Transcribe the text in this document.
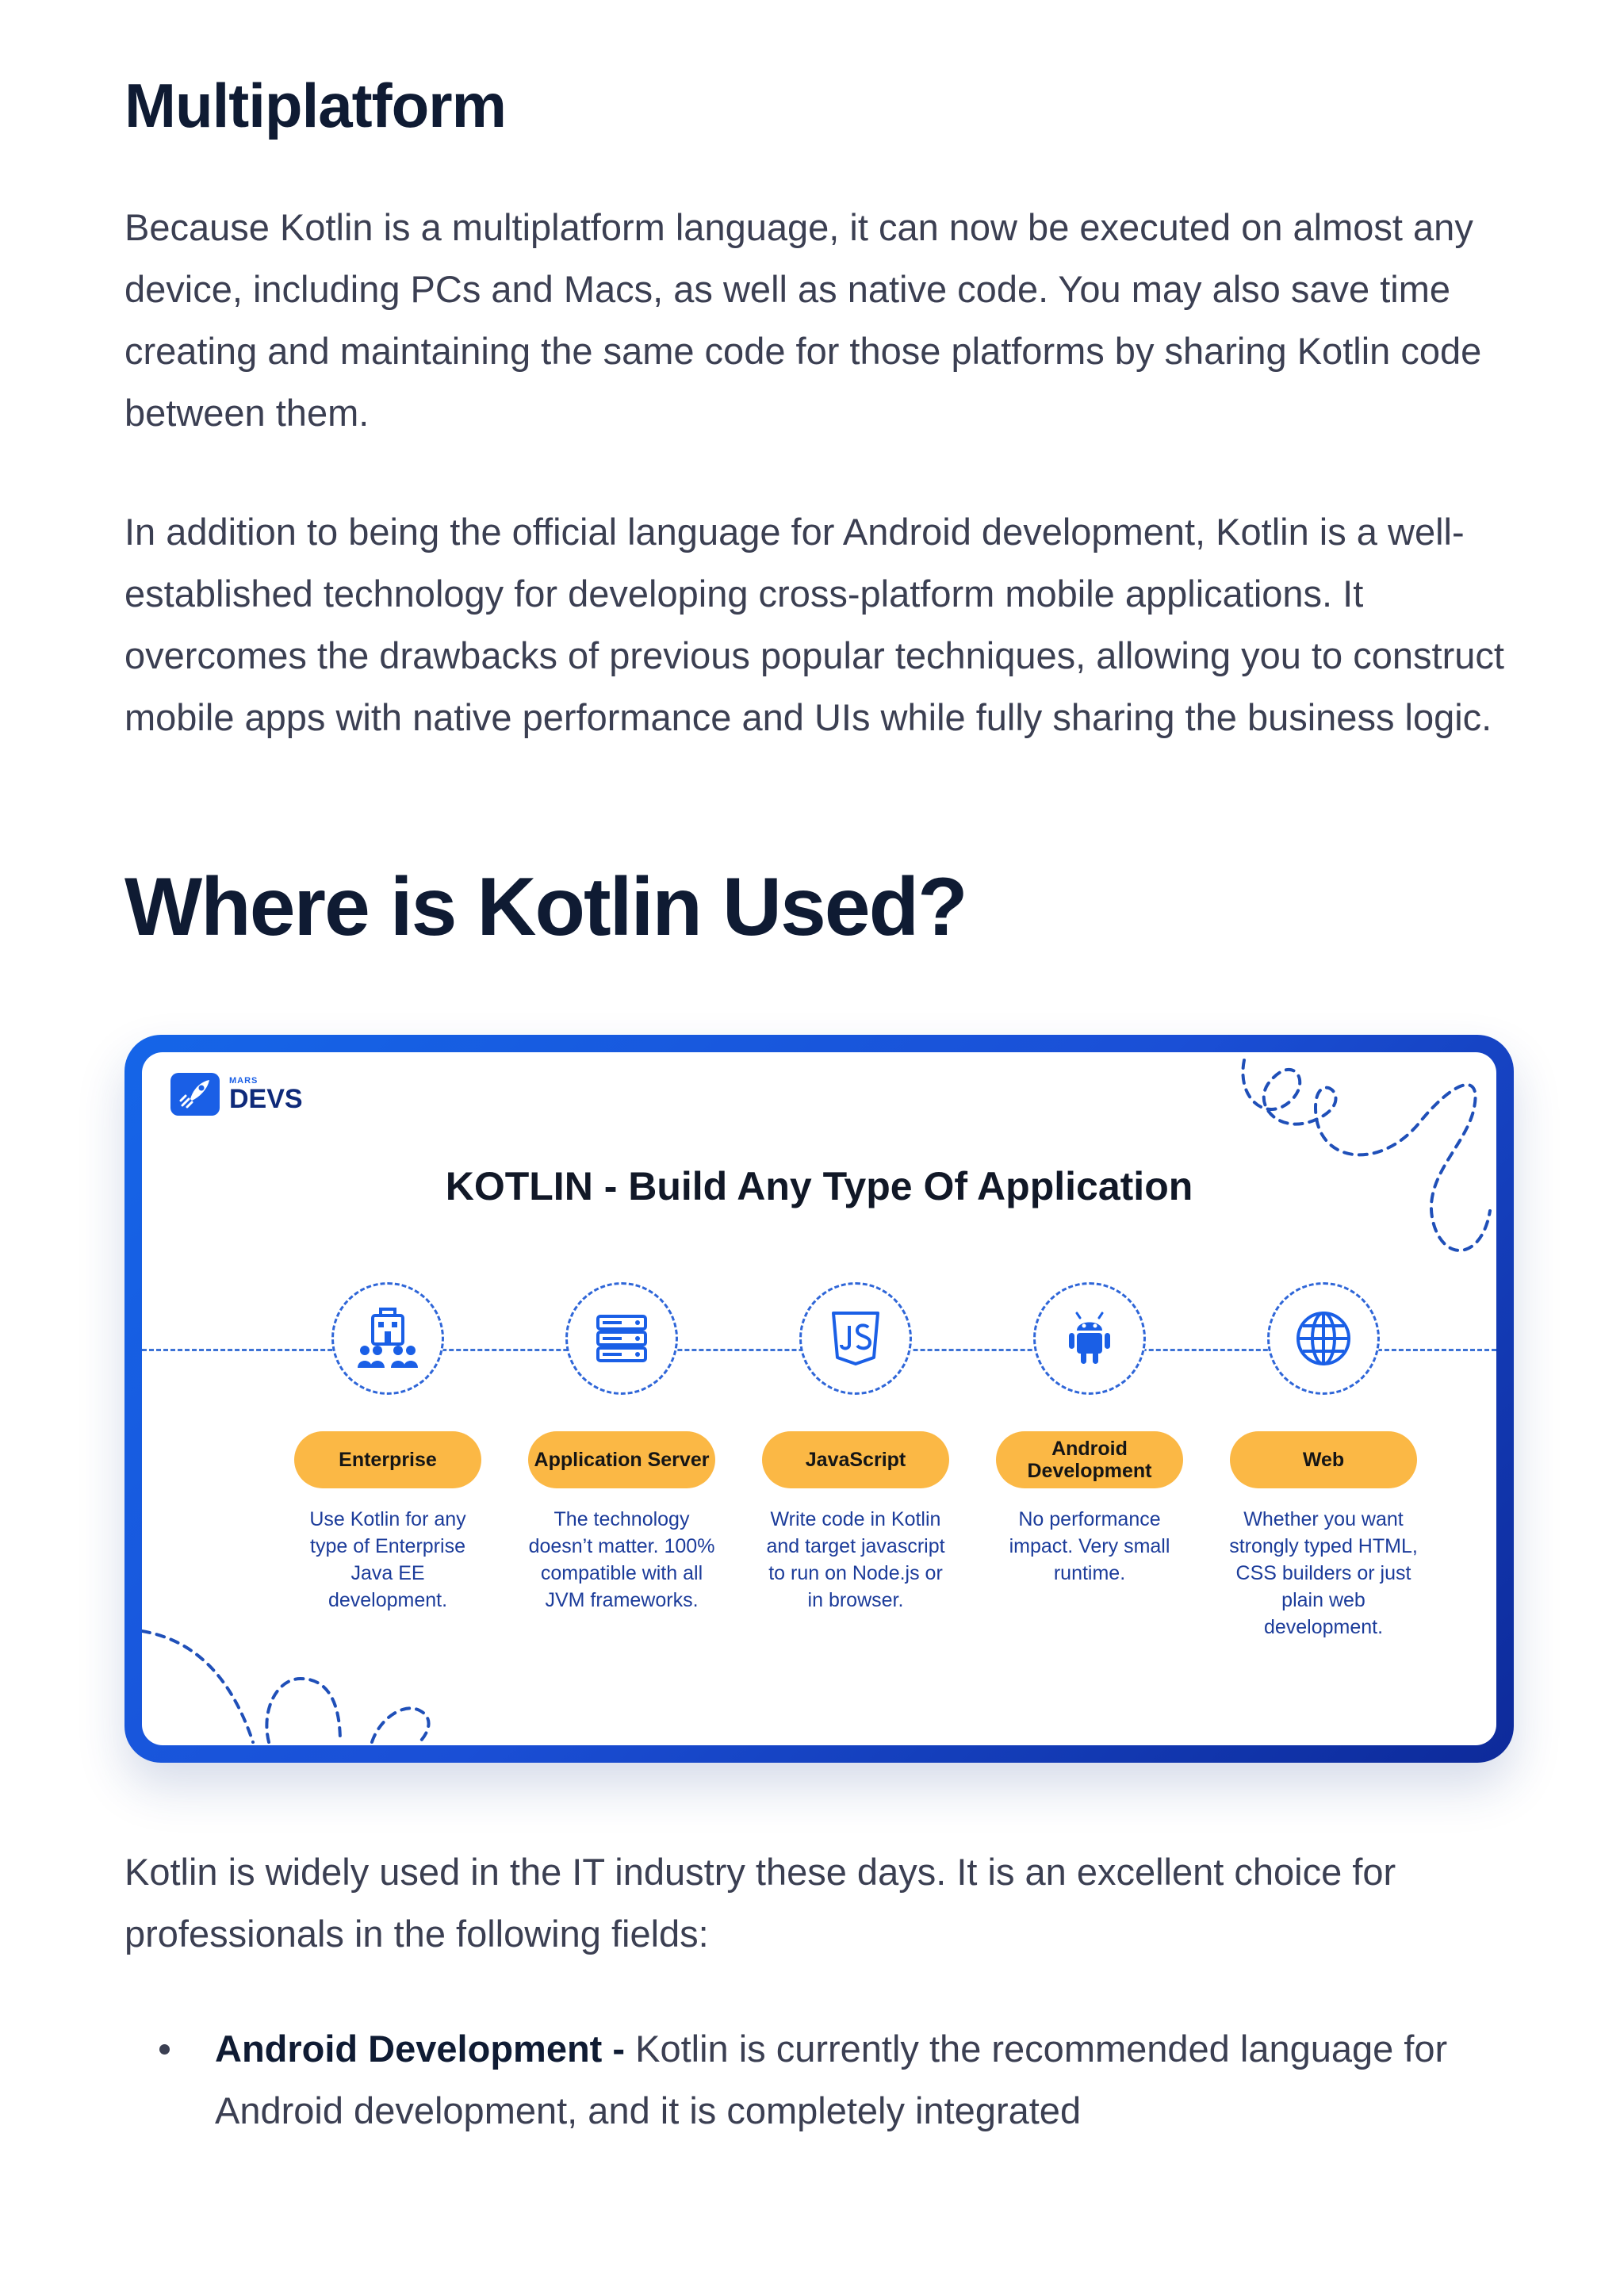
Multiplatform

Because Kotlin is a multiplatform language, it can now be executed on almost any device, including PCs and Macs, as well as native code. You may also save time creating and maintaining the same code for those platforms by sharing Kotlin code between them.

In addition to being the official language for Android development, Kotlin is a well-established technology for developing cross-platform mobile applications. It overcomes the drawbacks of previous popular techniques, allowing you to construct mobile apps with native performance and UIs while fully sharing the business logic.

Where is Kotlin Used?
MARS
DEVS
KOTLIN - Build Any Type Of Application
Enterprise
Use Kotlin for any type of Enterprise Java EE development.
Application Server
The technology doesn’t matter. 100% compatible with all JVM frameworks.
JavaScript
Write code in Kotlin and target javascript to run on Node.js or in browser.
Android Development
No performance impact. Very small runtime.
Web
Whether you want strongly typed HTML, CSS builders or just plain web development.

Kotlin is widely used in the IT industry these days. It is an excellent choice for professionals in the following fields:

Android Development - Kotlin is currently the recommended language for Android development, and it is completely integrated
